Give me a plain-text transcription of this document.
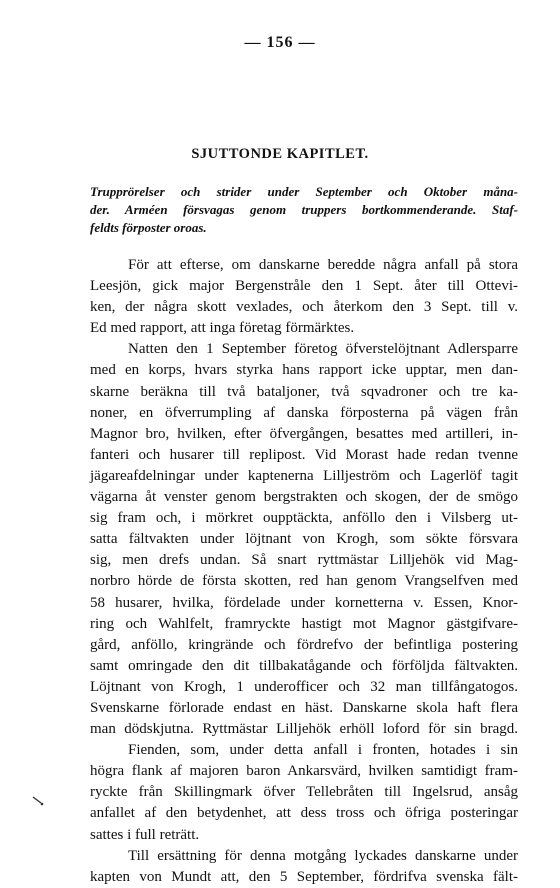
— 156 —
SJUTTONDE KAPITLET.

Trupprörelser och strider under September och Oktober måna-
der. Arméen försvagas genom truppers bortkommenderande. Staf-
feldts förposter oroas.

För att efterse, om danskarne beredde några anfall på stora
Leesjön, gick major Bergenstråle den 1 Sept. åter till Ottevi-
ken, der några skott vexlades, och återkom den 3 Sept. till v.
Ed med rapport, att inga företag förmärktes.
Natten den 1 September företog öfverstelöjtnant Adlersparre
med en korps, hvars styrka hans rapport icke upptar, men dan-
skarne beräkna till två bataljoner, två sqvadroner och tre ka-
noner, en öfverrumpling af danska förposterna på vägen från
Magnor bro, hvilken, efter öfvergången, besattes med artilleri, in-
fanteri och husarer till replipost. Vid Morast hade redan tvenne
jägareafdelningar under kaptenerna Lilljeström och Lagerlöf tagit
vägarna åt venster genom bergstrakten och skogen, der de smögo
sig fram och, i mörkret oupptäckta, anföllo den i Vilsberg ut-
satta fältvakten under löjtnant von Krogh, som sökte försvara
sig, men drefs undan. Så snart ryttmästar Lilljehök vid Mag-
norbro hörde de första skotten, red han genom Vrangselfven med
58 husarer, hvilka, fördelade under kornetterna v. Essen, Knor-
ring och Wahlfelt, framryckte hastigt mot Magnor gästgifvare-
gård, anföllo, kringrände och fördrefvo der befintliga postering
samt omringade den dit tillbakatågande och förföljda fältvakten.
Löjtnant von Krogh, 1 underofficer och 32 man tillfångatogos.
Svenskarne förlorade endast en häst. Danskarne skola haft flera
man dödskjutna. Ryttmästar Lilljehök erhöll loford för sin bragd.
Fienden, som, under detta anfall i fronten, hotades i sin
högra flank af majoren baron Ankarsvärd, hvilken samtidigt fram-
ryckte från Skillingmark öfver Tellebråten till Ingelsrud, ansåg
anfallet af den betydenhet, att dess tross och öfriga posteringar
sattes i full reträtt.
Till ersättning för denna motgång lyckades danskarne under
kapten von Mundt att, den 5 September, fördrifva svenska fält-
